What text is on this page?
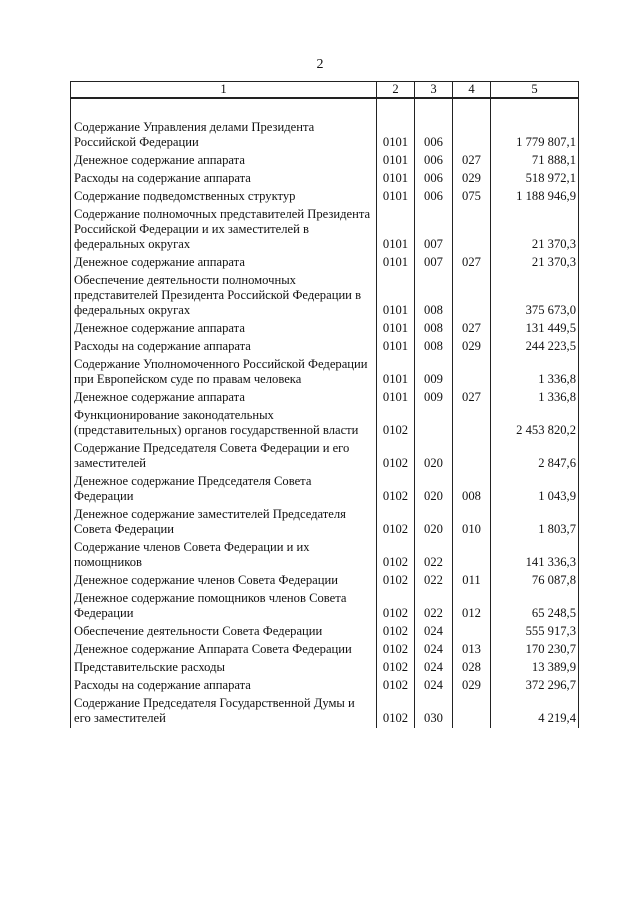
2
1	2	3	4	5

Содержание Управления делами Президента Российской Федерации	0101	006		1 779 807,1
Денежное содержание аппарата	0101	006	027	71 888,1
Расходы на содержание аппарата	0101	006	029	518 972,1
Содержание подведомственных структур	0101	006	075	1 188 946,9
Содержание полномочных представителей Президента Российской Федерации и их заместителей в федеральных округах	0101	007		21 370,3
Денежное содержание аппарата	0101	007	027	21 370,3
Обеспечение деятельности полномочных представителей Президента Российской Федерации в федеральных округах	0101	008		375 673,0
Денежное содержание аппарата	0101	008	027	131 449,5
Расходы на содержание аппарата	0101	008	029	244 223,5
Содержание Уполномоченного Российской Федерации при Европейском суде по правам человека	0101	009		1 336,8
Денежное содержание аппарата	0101	009	027	1 336,8
Функционирование законодательных (представительных) органов государственной власти	0102			2 453 820,2
Содержание Председателя Совета Федерации и его заместителей	0102	020		2 847,6
Денежное содержание Председателя Совета Федерации	0102	020	008	1 043,9
Денежное содержание заместителей Председателя Совета Федерации	0102	020	010	1 803,7
Содержание членов Совета Федерации и их помощников	0102	022		141 336,3
Денежное содержание членов Совета Федерации	0102	022	011	76 087,8
Денежное содержание помощников членов Совета Федерации	0102	022	012	65 248,5
Обеспечение деятельности Совета Федерации	0102	024		555 917,3
Денежное содержание Аппарата Совета Федерации	0102	024	013	170 230,7
Представительские расходы	0102	024	028	13 389,9
Расходы на содержание аппарата	0102	024	029	372 296,7
Содержание Председателя Государственной Думы и его заместителей	0102	030		4 219,4
